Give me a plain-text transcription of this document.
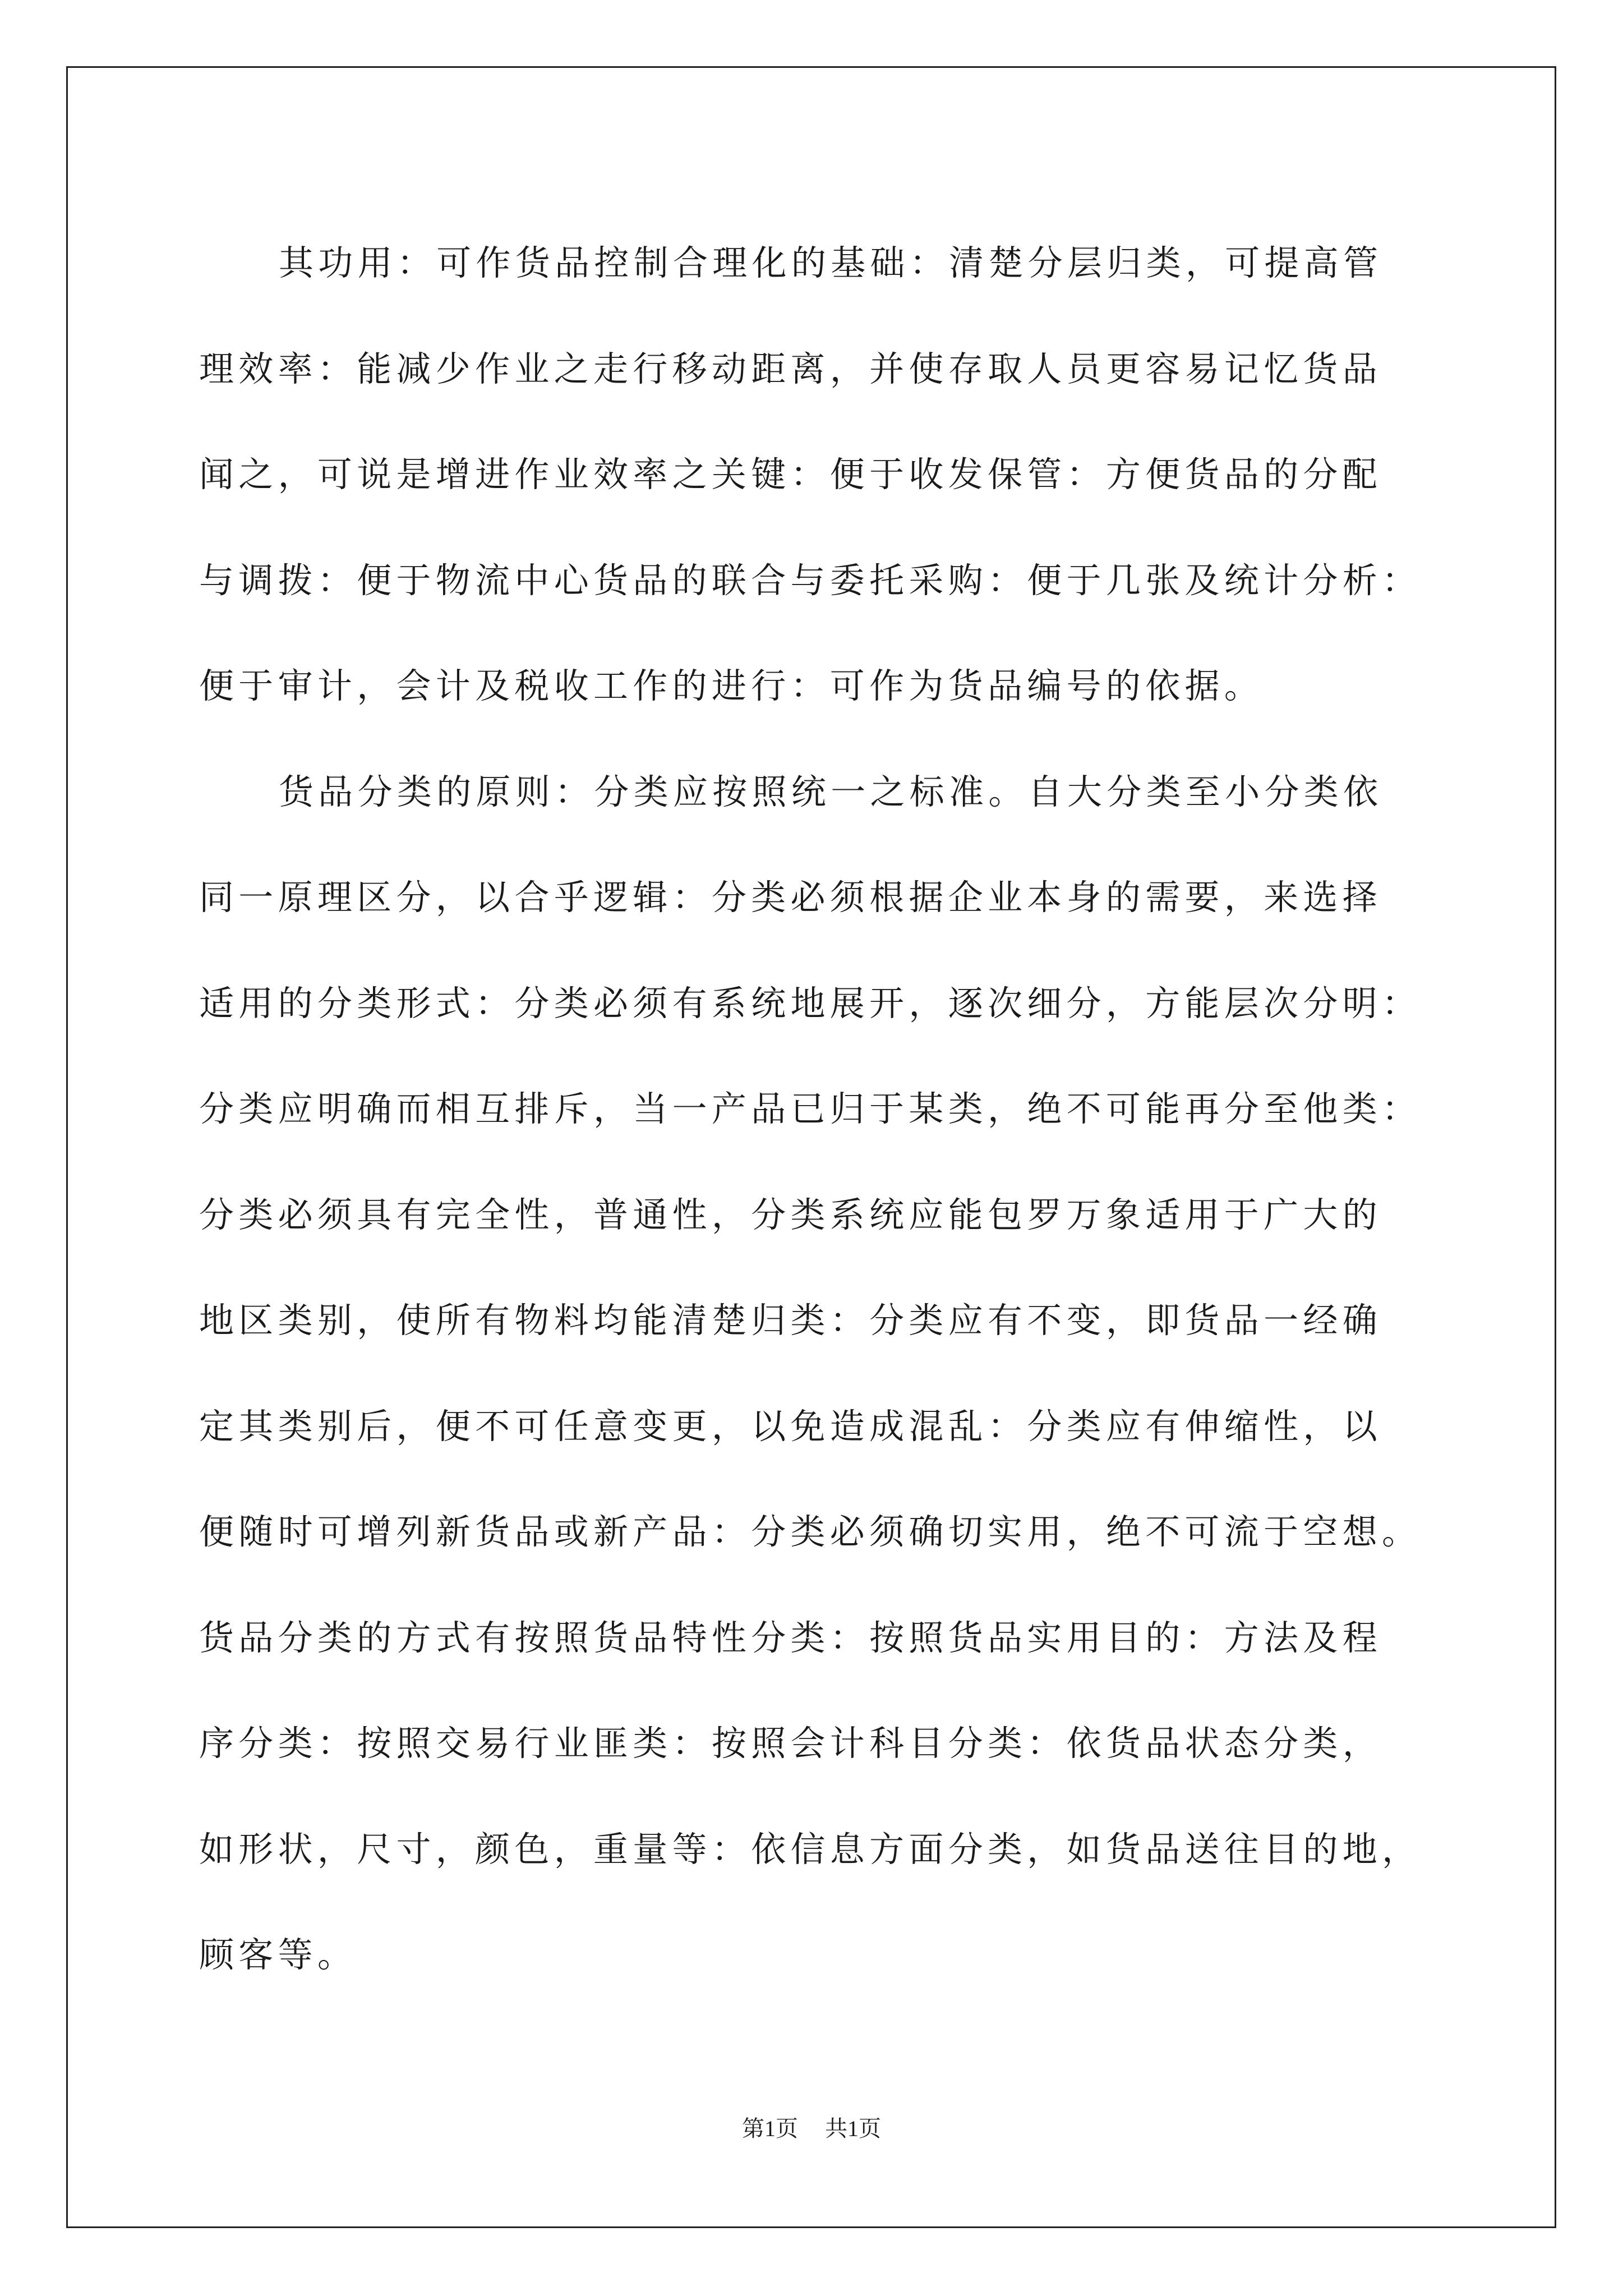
其功用：可作货品控制合理化的基础：清楚分层归类，可提高管
理效率：能减少作业之走行移动距离，并使存取人员更容易记忆货品
闻之，可说是增进作业效率之关键：便于收发保管：方便货品的分配
与调拨：便于物流中心货品的联合与委托采购：便于几张及统计分析：
便于审计，会计及税收工作的进行：可作为货品编号的依据。
货品分类的原则：分类应按照统一之标准。自大分类至小分类依
同一原理区分，以合乎逻辑：分类必须根据企业本身的需要，来选择
适用的分类形式：分类必须有系统地展开，逐次细分，方能层次分明：
分类应明确而相互排斥，当一产品已归于某类，绝不可能再分至他类：
分类必须具有完全性，普通性，分类系统应能包罗万象适用于广大的
地区类别，使所有物料均能清楚归类：分类应有不变，即货品一经确
定其类别后，便不可任意变更，以免造成混乱：分类应有伸缩性，以
便随时可增列新货品或新产品：分类必须确切实用，绝不可流于空想。
货品分类的方式有按照货品特性分类：按照货品实用目的：方法及程
序分类：按照交易行业匪类：按照会计科目分类：依货品状态分类，
如形状，尺寸，颜色，重量等：依信息方面分类，如货品送往目的地，
顾客等。
第1页 共1页
